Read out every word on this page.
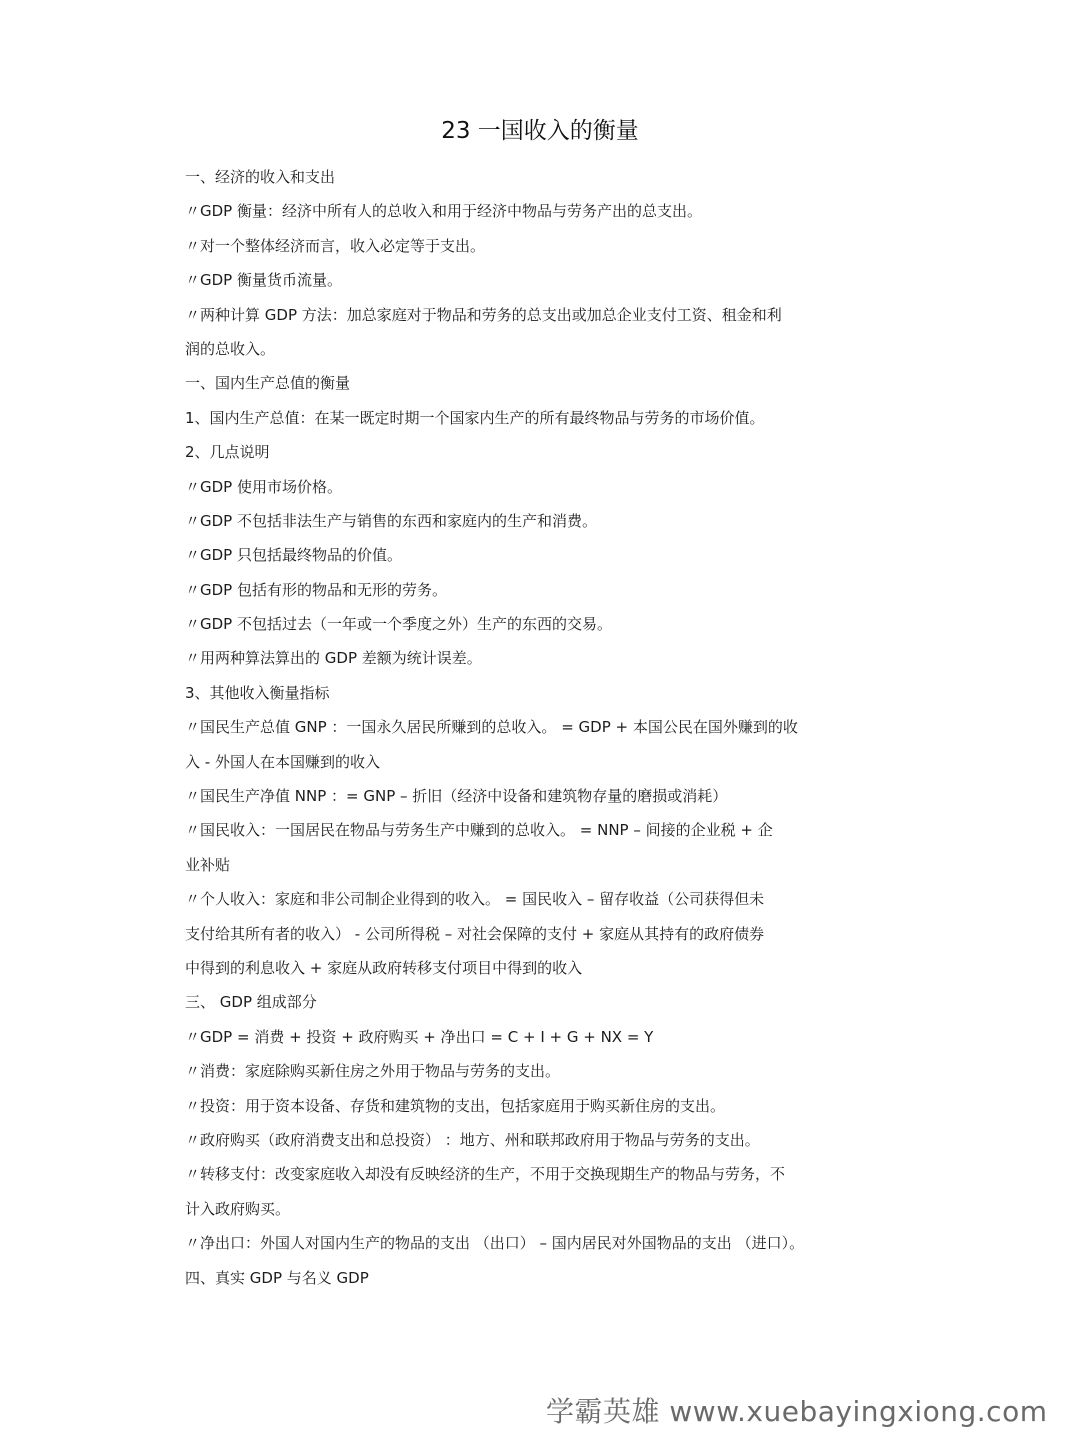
23 一国收入的衡量
一、经济的收入和支出
〃GDP 衡量：经济中所有人的总收入和用于经济中物品与劳务产出的总支出。
〃对一个整体经济而言，收入必定等于支出。
〃GDP 衡量货币流量。
〃两种计算 GDP 方法：加总家庭对于物品和劳务的总支出或加总企业支付工资、租金和利
润的总收入。
一、国内生产总值的衡量
1、国内生产总值：在某一既定时期一个国家内生产的所有最终物品与劳务的市场价值。
2、几点说明
〃GDP 使用市场价格。
〃GDP 不包括非法生产与销售的东西和家庭内的生产和消费。
〃GDP 只包括最终物品的价值。
〃GDP 包括有形的物品和无形的劳务。
〃GDP 不包括过去（一年或一个季度之外）生产的东西的交易。
〃用两种算法算出的 GDP 差额为统计误差。
3、其他收入衡量指标
〃国民生产总值 GNP ：一国永久居民所赚到的总收入。 = GDP + 本国公民在国外赚到的收
入 - 外国人在本国赚到的收入
〃国民生产净值 NNP ：= GNP – 折旧（经济中设备和建筑物存量的磨损或消耗）
〃国民收入：一国居民在物品与劳务生产中赚到的总收入。 = NNP – 间接的企业税 + 企
业补贴
〃个人收入：家庭和非公司制企业得到的收入。 = 国民收入 – 留存收益（公司获得但未
支付给其所有者的收入） - 公司所得税 – 对社会保障的支付 + 家庭从其持有的政府债券
中得到的利息收入 + 家庭从政府转移支付项目中得到的收入
三、 GDP 组成部分
〃GDP = 消费 + 投资 + 政府购买 + 净出口 = C + I + G + NX = Y
〃消费：家庭除购买新住房之外用于物品与劳务的支出。
〃投资：用于资本设备、存货和建筑物的支出，包括家庭用于购买新住房的支出。
〃政府购买（政府消费支出和总投资） ：地方、州和联邦政府用于物品与劳务的支出。
〃转移支付：改变家庭收入却没有反映经济的生产，不用于交换现期生产的物品与劳务，不
计入政府购买。
〃净出口：外国人对国内生产的物品的支出 （出口） – 国内居民对外国物品的支出 （进口）。
四、真实 GDP 与名义 GDP
学霸英雄 www.xuebayingxiong.com
